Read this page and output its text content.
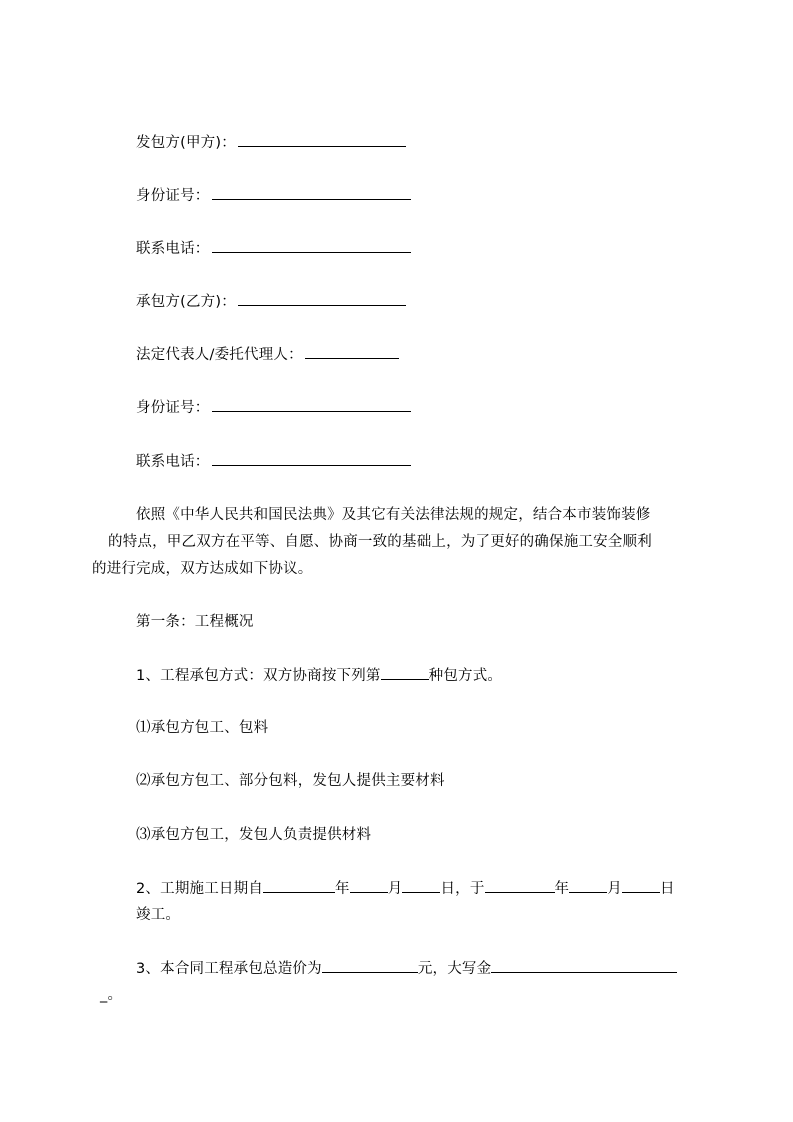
发包方(甲方)：
身份证号：
联系电话：
承包方(乙方)：
法定代表人/委托代理人：
身份证号：
联系电话：
依照《中华人民共和国民法典》及其它有关法律法规的规定，结合本市装饰装修
的特点，甲乙双方在平等、自愿、协商一致的基础上，为了更好的确保施工安全顺利
的进行完成，双方达成如下协议。
第一条：工程概况
1、工程承包方式：双方协商按下列第	种包方式。
⑴承包方包工、包料
⑵承包方包工、部分包料，发包人提供主要材料
⑶承包方包工，发包人负责提供材料
2、工期施工日期自	年	月	日，于	年	月	日
竣工。
3、本合同工程承包总造价为	元，大写金
_。
